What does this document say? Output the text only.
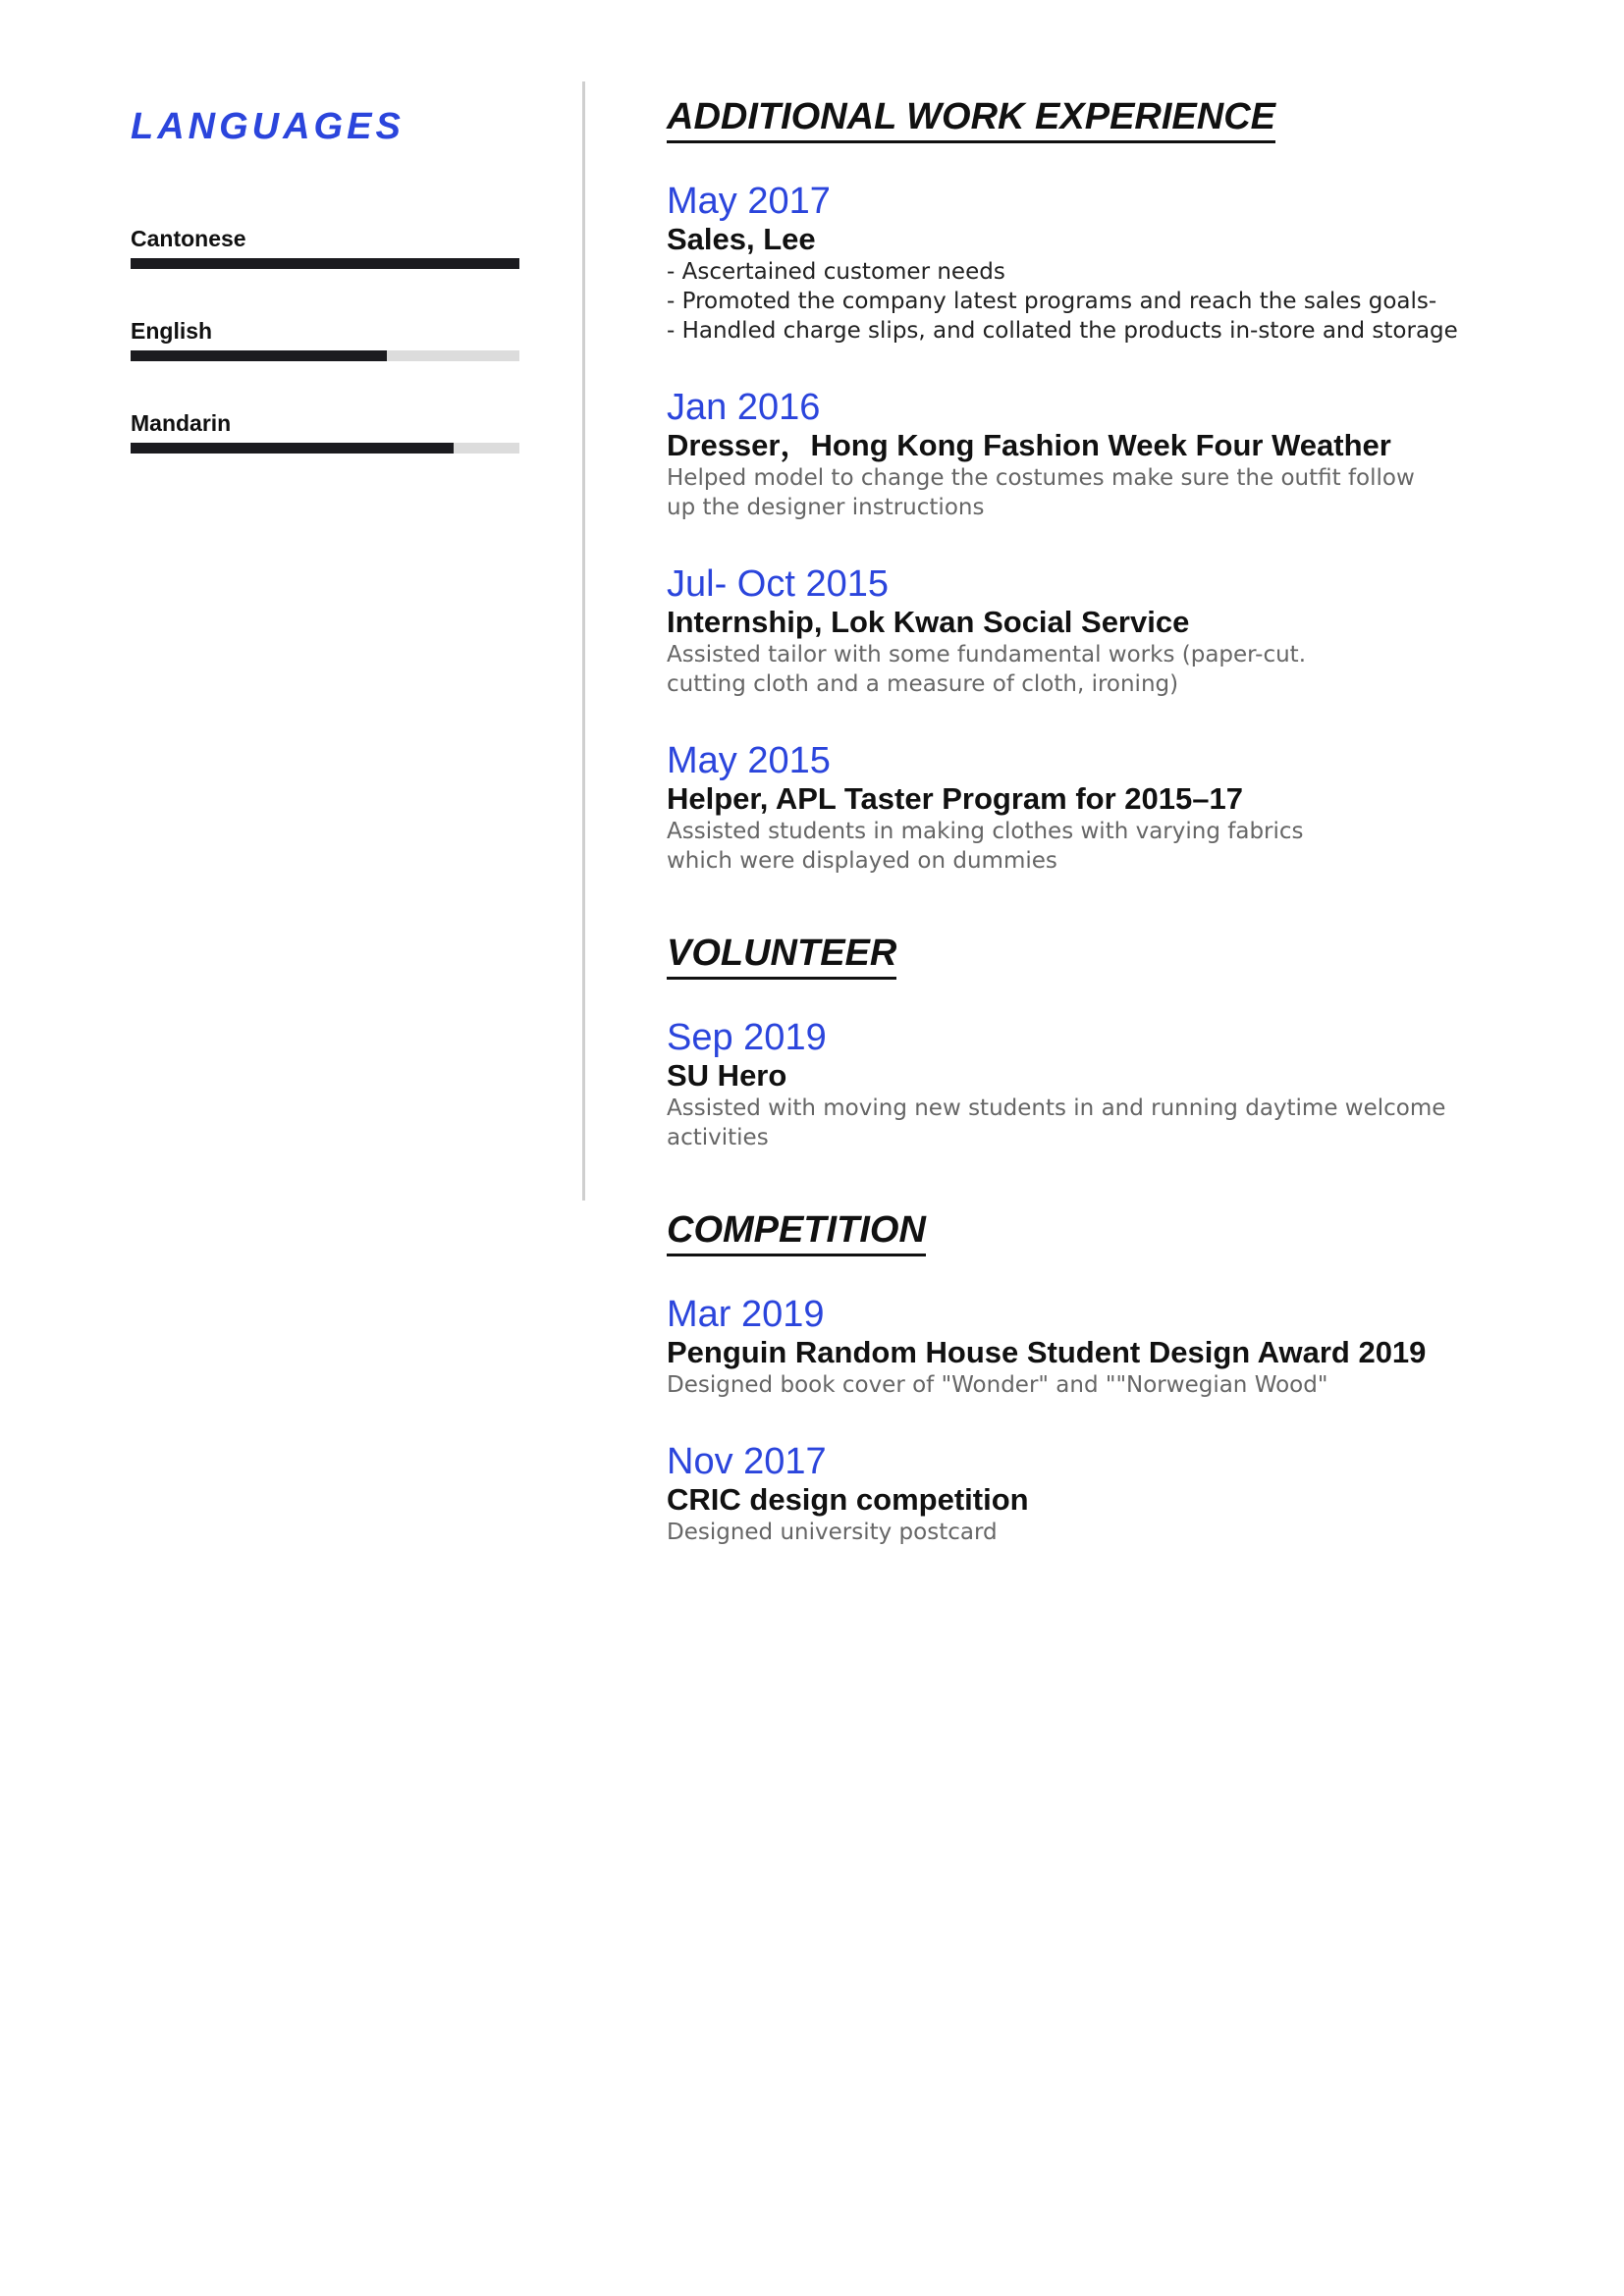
LANGUAGES
Cantonese
English
Mandarin
ADDITIONAL WORK EXPERIENCE
May 2017
Sales, Lee
- Ascertained customer needs
- Promoted the company latest programs and reach the sales goals-
- Handled charge slips, and collated the products in-store and storage
Jan 2016
Dresser，Hong Kong Fashion Week Four Weather
Helped model to change the costumes make sure the outfit follow
up the designer instructions
Jul- Oct 2015
Internship, Lok Kwan Social Service
Assisted tailor with some fundamental works (paper-cut.
cutting cloth and a measure of cloth, ironing)
May 2015
Helper, APL Taster Program for 2015–17
Assisted students in making clothes with varying fabrics
which were displayed on dummies
VOLUNTEER
Sep 2019
SU Hero
Assisted with moving new students in and running daytime welcome
activities
COMPETITION
Mar 2019
Penguin Random House Student Design Award 2019
Designed book cover of "Wonder" and ""Norwegian Wood"
Nov 2017
CRIC design competition
Designed university postcard
